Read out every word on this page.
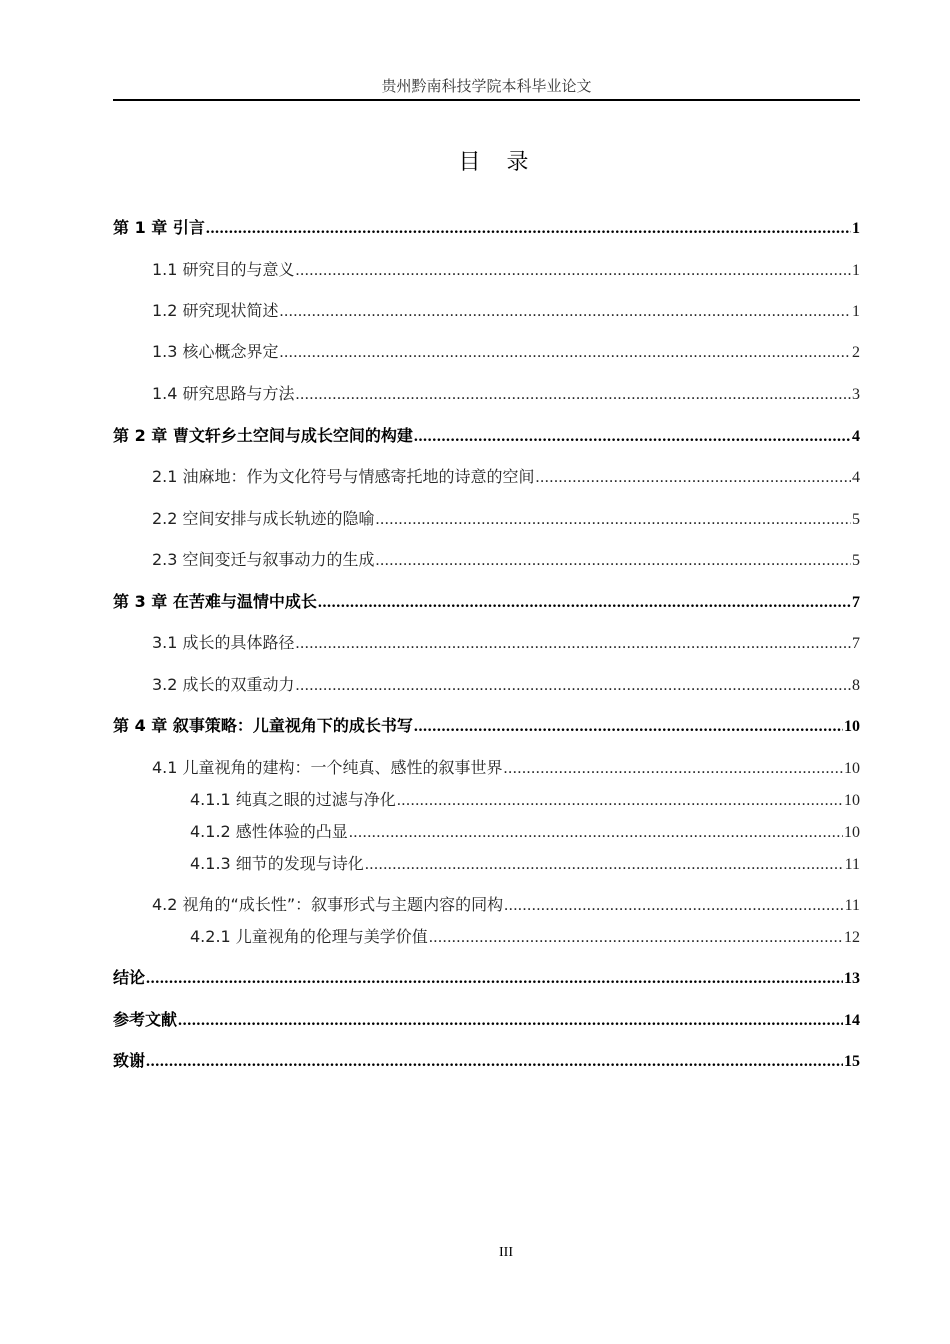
贵州黔南科技学院本科毕业论文
目录
第 1 章 引言 .....	1
1.1 研究目的与意义 .....	1
1.2 研究现状简述 .....	1
1.3 核心概念界定 .....	2
1.4 研究思路与方法 .....	3
第 2 章 曹文轩乡土空间与成长空间的构建 .....	4
2.1 油麻地：作为文化符号与情感寄托地的诗意的空间 .....	4
2.2 空间安排与成长轨迹的隐喻 .....	5
2.3 空间变迁与叙事动力的生成 .....	5
第 3 章 在苦难与温情中成长 .....	7
3.1 成长的具体路径 .....	7
3.2 成长的双重动力 .....	8
第 4 章 叙事策略：儿童视角下的成长书写 .....	10
4.1 儿童视角的建构：一个纯真、感性的叙事世界 .....	10
4.1.1 纯真之眼的过滤与净化 .....	10
4.1.2 感性体验的凸显 .....	10
4.1.3 细节的发现与诗化 .....	11
4.2 视角的“成长性”：叙事形式与主题内容的同构 .....	11
4.2.1 儿童视角的伦理与美学价值 .....	12
结论 .....	13
参考文献 .....	14
致谢 .....	15
III
